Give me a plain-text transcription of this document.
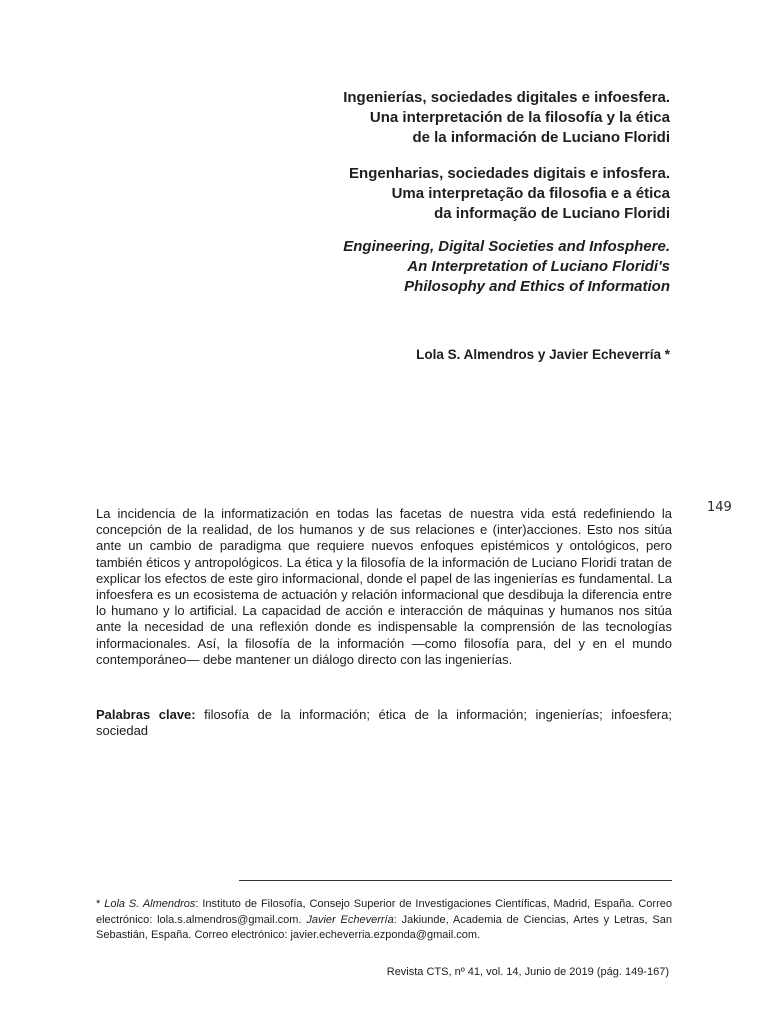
Ingenierías, sociedades digitales e infoesfera.
Una interpretación de la filosofía y la ética
de la información de Luciano Floridi
Engenharias, sociedades digitais e infosfera.
Uma interpretação da filosofia e a ética
da informação de Luciano Floridi
Engineering, Digital Societies and Infosphere.
An Interpretation of Luciano Floridi's
Philosophy and Ethics of Information
Lola S. Almendros y Javier Echeverría *
149

La incidencia de la informatización en todas las facetas de nuestra vida está redefiniendo la concepción de la realidad, de los humanos y de sus relaciones e (inter)acciones. Esto nos sitúa ante un cambio de paradigma que requiere nuevos enfoques epistémicos y ontológicos, pero también éticos y antropológicos. La ética y la filosofía de la información de Luciano Floridi tratan de explicar los efectos de este giro informacional, donde el papel de las ingenierías es fundamental. La infoesfera es un ecosistema de actuación y relación informacional que desdibuja la diferencia entre lo humano y lo artificial. La capacidad de acción e interacción de máquinas y humanos nos sitúa ante la necesidad de una reflexión donde es indispensable la comprensión de las tecnologías informacionales. Así, la filosofía de la información —como filosofía para, del y en el mundo contemporáneo— debe mantener un diálogo directo con las ingenierías.

Palabras clave: filosofía de la información; ética de la información; ingenierías; infoesfera; sociedad

* Lola S. Almendros: Instituto de Filosofía, Consejo Superior de Investigaciones Científicas, Madrid, España. Correo electrónico: lola.s.almendros@gmail.com. Javier Echeverría: Jakiunde, Academia de Ciencias, Artes y Letras, San Sebastián, España. Correo electrónico: javier.echeverria.ezponda@gmail.com.

Revista CTS, nº 41, vol. 14, Junio de 2019 (pág. 149-167)
